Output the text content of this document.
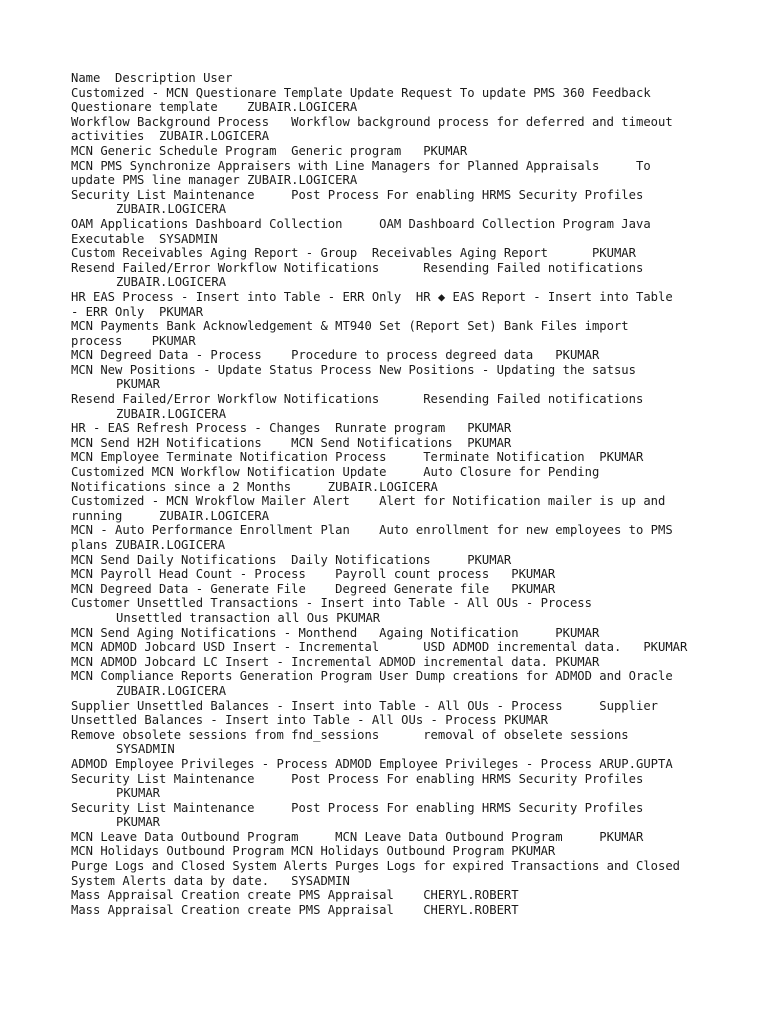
Name  Description User
Customized - MCN Questionare Template Update Request To update PMS 360 Feedback
Questionare template    ZUBAIR.LOGICERA
Workflow Background Process   Workflow background process for deferred and timeout
activities  ZUBAIR.LOGICERA
MCN Generic Schedule Program  Generic program   PKUMAR
MCN PMS Synchronize Appraisers with Line Managers for Planned Appraisals     To
update PMS line manager ZUBAIR.LOGICERA
Security List Maintenance     Post Process For enabling HRMS Security Profiles
ZUBAIR.LOGICERA
OAM Applications Dashboard Collection     OAM Dashboard Collection Program Java
Executable  SYSADMIN
Custom Receivables Aging Report - Group  Receivables Aging Report      PKUMAR
Resend Failed/Error Workflow Notifications      Resending Failed notifications
ZUBAIR.LOGICERA
HR EAS Process - Insert into Table - ERR Only  HR ◆ EAS Report - Insert into Table
- ERR Only  PKUMAR
MCN Payments Bank Acknowledgement & MT940 Set (Report Set) Bank Files import
process    PKUMAR
MCN Degreed Data - Process    Procedure to process degreed data   PKUMAR
MCN New Positions - Update Status Process New Positions - Updating the satsus
PKUMAR
Resend Failed/Error Workflow Notifications      Resending Failed notifications
ZUBAIR.LOGICERA
HR - EAS Refresh Process - Changes  Runrate program   PKUMAR
MCN Send H2H Notifications    MCN Send Notifications  PKUMAR
MCN Employee Terminate Notification Process     Terminate Notification  PKUMAR
Customized MCN Workflow Notification Update     Auto Closure for Pending
Notifications since a 2 Months     ZUBAIR.LOGICERA
Customized - MCN Wrokflow Mailer Alert    Alert for Notification mailer is up and
running     ZUBAIR.LOGICERA
MCN - Auto Performance Enrollment Plan    Auto enrollment for new employees to PMS
plans ZUBAIR.LOGICERA
MCN Send Daily Notifications  Daily Notifications     PKUMAR
MCN Payroll Head Count - Process    Payroll count process   PKUMAR
MCN Degreed Data - Generate File    Degreed Generate file   PKUMAR
Customer Unsettled Transactions - Insert into Table - All OUs - Process
Unsettled transaction all Ous PKUMAR
MCN Send Aging Notifications - Monthend   Againg Notification     PKUMAR
MCN ADMOD Jobcard USD Insert - Incremental      USD ADMOD incremental data.   PKUMAR
MCN ADMOD Jobcard LC Insert - Incremental ADMOD incremental data. PKUMAR
MCN Compliance Reports Generation Program User Dump creations for ADMOD and Oracle
ZUBAIR.LOGICERA
Supplier Unsettled Balances - Insert into Table - All OUs - Process     Supplier
Unsettled Balances - Insert into Table - All OUs - Process PKUMAR
Remove obsolete sessions from fnd_sessions      removal of obselete sessions
SYSADMIN
ADMOD Employee Privileges - Process ADMOD Employee Privileges - Process ARUP.GUPTA
Security List Maintenance     Post Process For enabling HRMS Security Profiles
PKUMAR
Security List Maintenance     Post Process For enabling HRMS Security Profiles
PKUMAR
MCN Leave Data Outbound Program     MCN Leave Data Outbound Program     PKUMAR
MCN Holidays Outbound Program MCN Holidays Outbound Program PKUMAR
Purge Logs and Closed System Alerts Purges Logs for expired Transactions and Closed
System Alerts data by date.   SYSADMIN
Mass Appraisal Creation create PMS Appraisal    CHERYL.ROBERT
Mass Appraisal Creation create PMS Appraisal    CHERYL.ROBERT
